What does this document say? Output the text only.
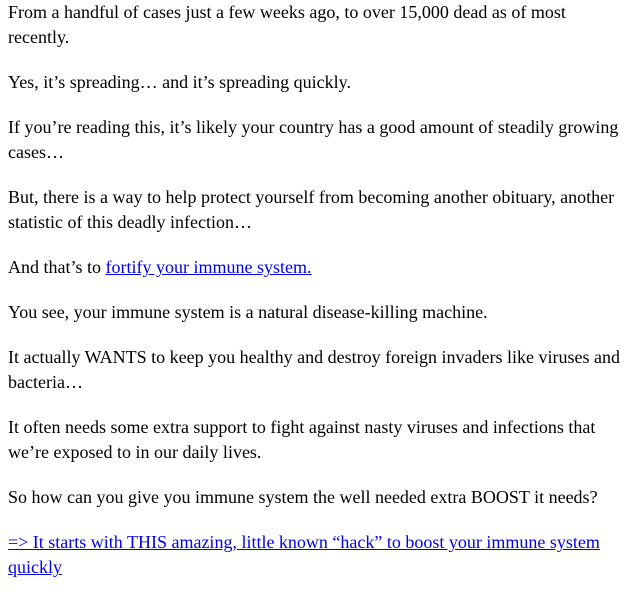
From a handful of cases just a few weeks ago, to over 15,000 dead as of most recently.

Yes, it’s spreading… and it’s spreading quickly.

If you’re reading this, it’s likely your country has a good amount of steadily growing cases…

But, there is a way to help protect yourself from becoming another obituary, another statistic of this deadly infection…

And that’s to fortify your immune system.

You see, your immune system is a natural disease-killing machine.

It actually WANTS to keep you healthy and destroy foreign invaders like viruses and bacteria…

It often needs some extra support to fight against nasty viruses and infections that we’re exposed to in our daily lives.

So how can you give you immune system the well needed extra BOOST it needs?

=> It starts with THIS amazing, little known “hack” to boost your immune system quickly
